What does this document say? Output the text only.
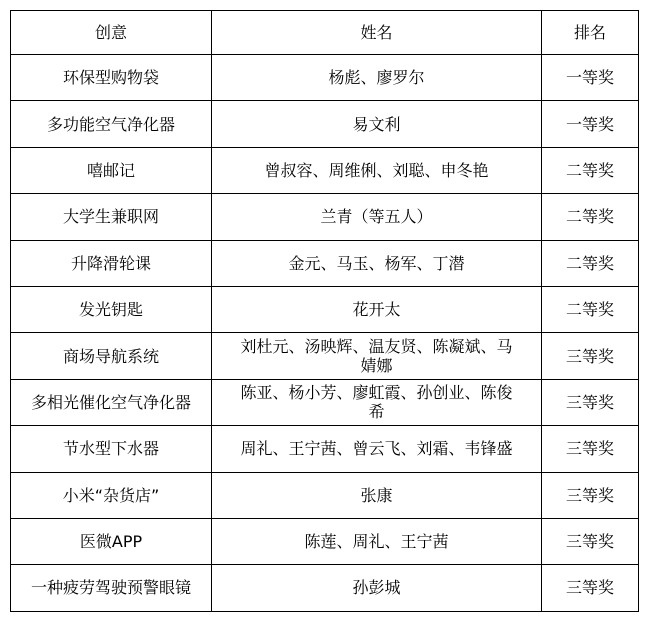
创意	姓名	排名
环保型购物袋	杨彪、廖罗尔	一等奖
多功能空气净化器	易文利	一等奖
嘻邮记	曾叔容、周维俐、刘聪、申冬艳	二等奖
大学生兼职网	兰青（等五人）	二等奖
升降滑轮课	金元、马玉、杨军、丁潜	二等奖
发光钥匙	花开太	二等奖
商场导航系统	刘杜元、汤映辉、温友贤、陈凝斌、马婧娜	三等奖
多相光催化空气净化器	陈亚、杨小芳、廖虹霞、孙创业、陈俊希	三等奖
节水型下水器	周礼、王宁茜、曾云飞、刘霜、韦锋盛	三等奖
小米“杂货店”	张康	三等奖
医微APP	陈莲、周礼、王宁茜	三等奖
一种疲劳驾驶预警眼镜	孙彭城	三等奖
